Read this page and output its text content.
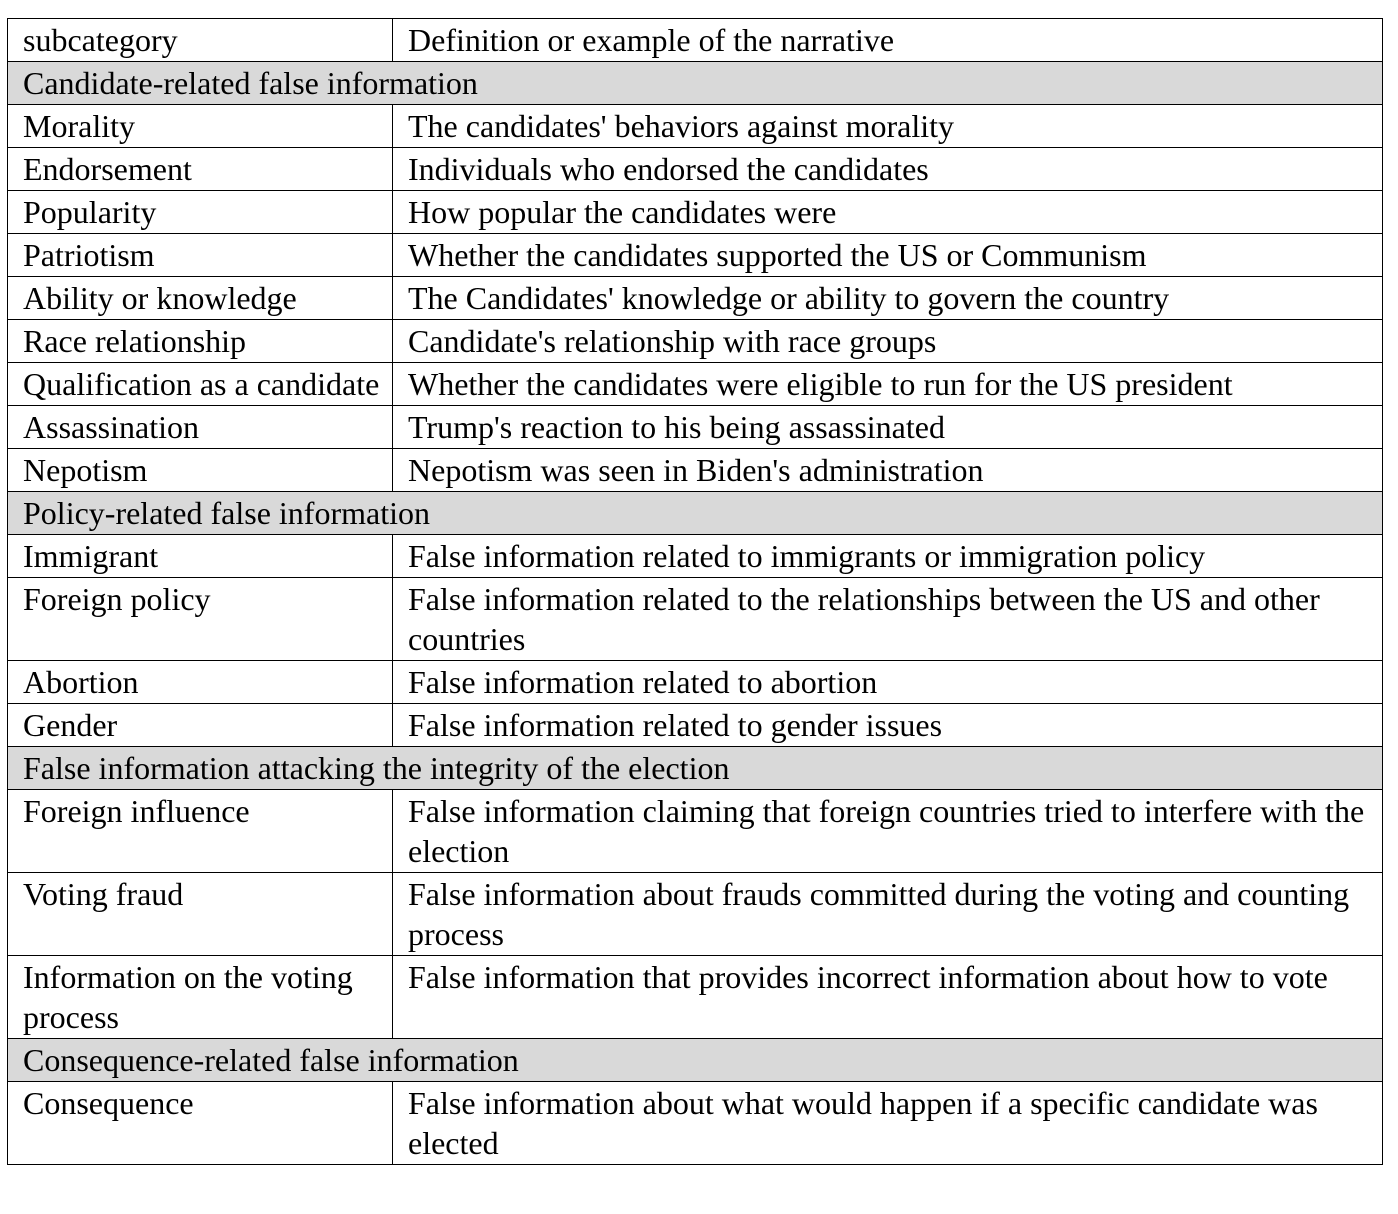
subcategory	Definition or example of the narrative
Candidate-related false information	
Morality	The candidates' behaviors against morality
Endorsement	Individuals who endorsed the candidates
Popularity	How popular the candidates were
Patriotism	Whether the candidates supported the US or Communism
Ability or knowledge	The Candidates' knowledge or ability to govern the country
Race relationship	Candidate's relationship with race groups
Qualification as a candidate	Whether the candidates were eligible to run for the US president
Assassination	Trump's reaction to his being assassinated
Nepotism	Nepotism was seen in Biden's administration
Policy-related false information	
Immigrant	False information related to immigrants or immigration policy
Foreign policy	False information related to the relationships between the US and other countries
Abortion	False information related to abortion
Gender	False information related to gender issues
False information attacking the integrity of the election	
Foreign influence	False information claiming that foreign countries tried to interfere with the election
Voting fraud	False information about frauds committed during the voting and counting process
Information on the voting process	False information that provides incorrect information about how to vote
Consequence-related false information	
Consequence	False information about what would happen if a specific candidate was elected
